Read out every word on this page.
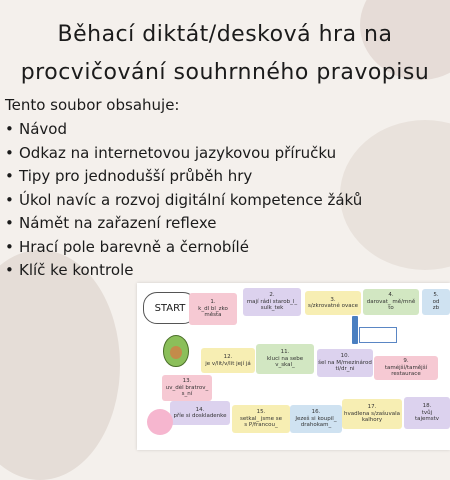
Běhací diktát/desková hra na
procvičování souhrnného pravopisu
Tento soubor obsahuje:
• Návod
• Odkaz na internetovou jazykovou příručku
• Tipy pro jednodušší průběh hry
• Úkol navíc a rozvoj digitální kompetence žáků
• Námět na zařazení reflexe
• Hrací pole barevně a černobílé
• Klíč ke kontrole
START
1.
k_dl bl_zko
města
2.
mají rádi starob_l_
sulk_tek
3.
s/zkrovatné ovace
4.
darovat_ mě/mně to
5.
od
zb
12.
je v/lit/v/lit její já
11.
kluci na sebe v_skal_
10.
šel na M/mezinárod
ti/dr_ni
9.
taméjší/tamější
restaurace
13.
uv_dél bratrov_
s_ní
14.
příe si doskladenke
15.
setkal_ jsme se
s P/francou_
16.
Jezeš si koupil_
drahokam_
17.
hvadlena s/zašuvala
kalhory
18.
tvůj
tajemstv
